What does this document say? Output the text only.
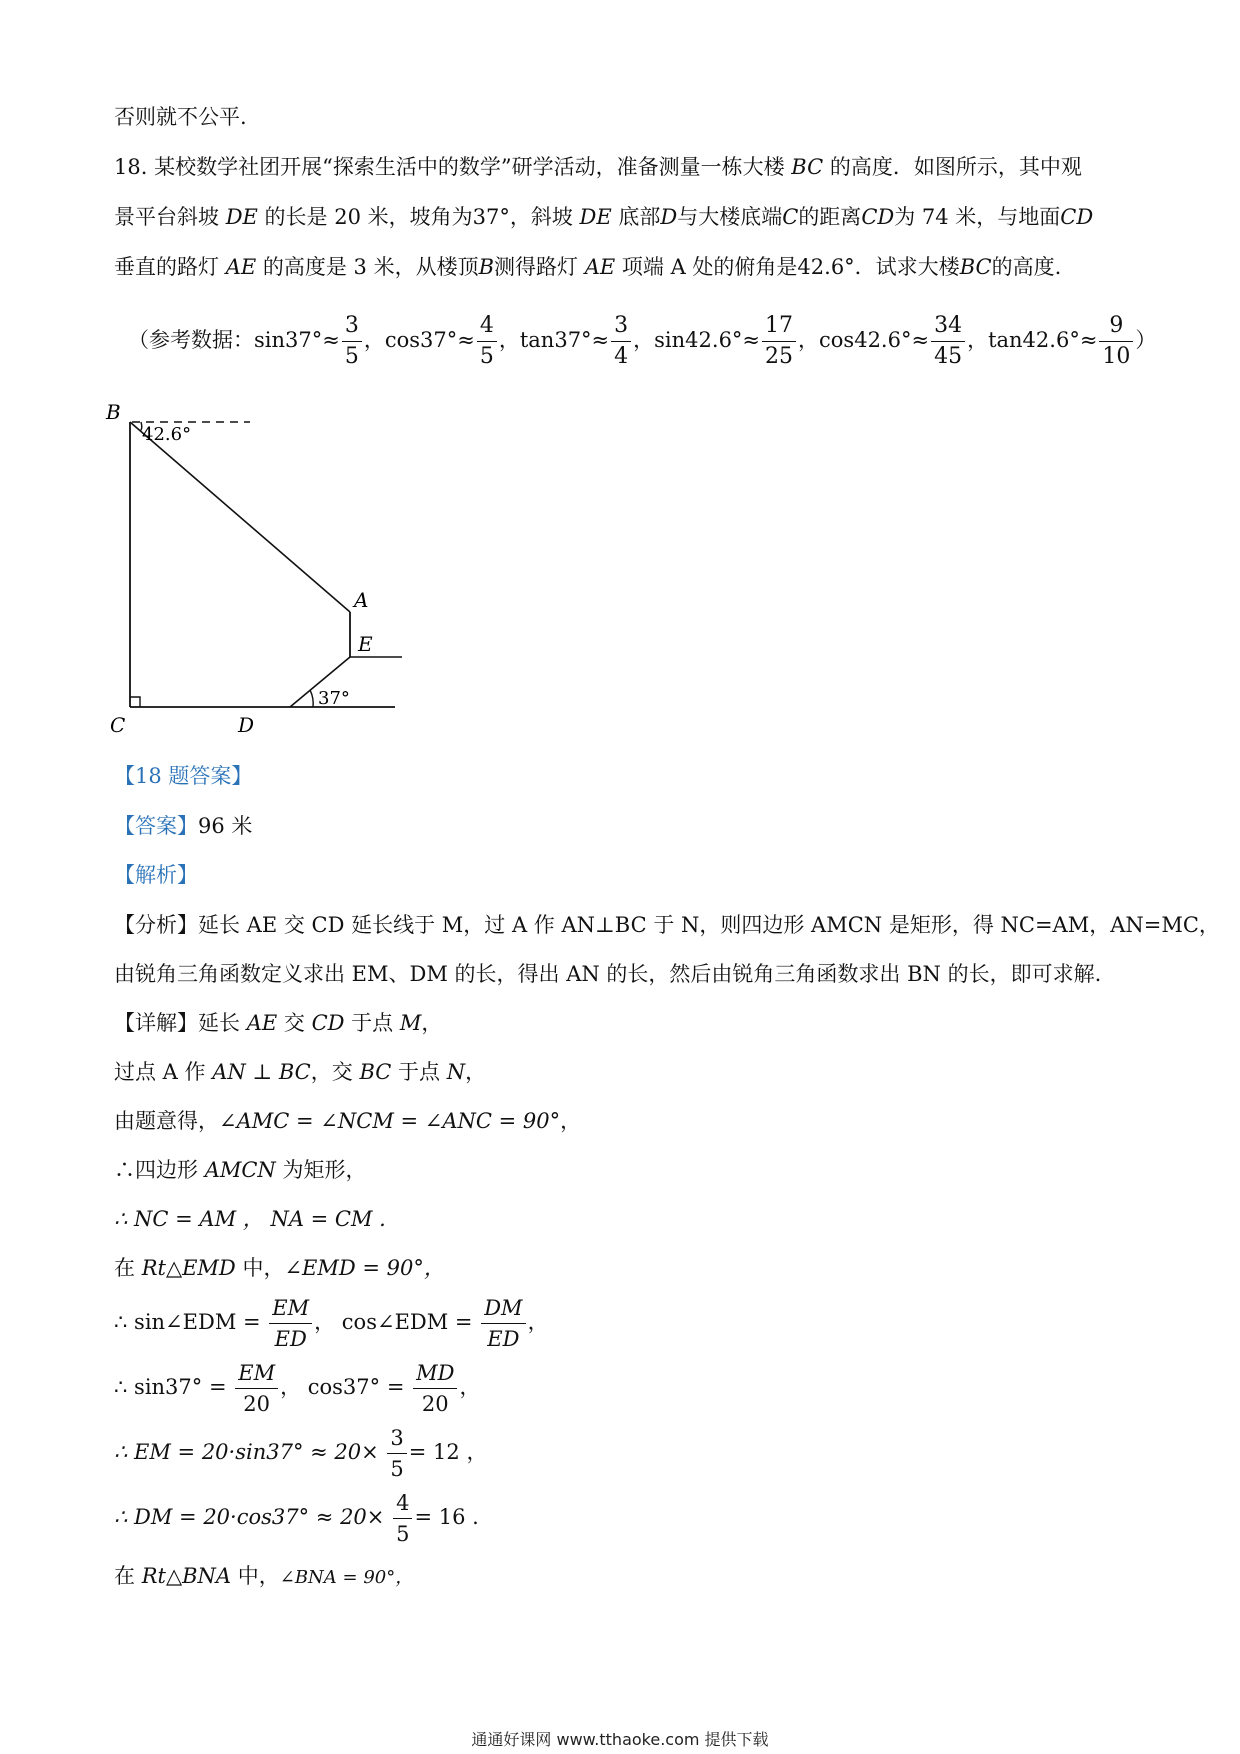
否则就不公平.
18. 某校数学社团开展“探索生活中的数学”研学活动，准备测量一栋大楼 BC 的高度．如图所示，其中观
景平台斜坡 DE 的长是 20 米，坡角为37°，斜坡 DE 底部D与大楼底端C的距离CD为 74 米，与地面CD
垂直的路灯 AE 的高度是 3 米，从楼顶B测得路灯 AE 项端 A 处的俯角是42.6°．试求大楼BC的高度.
（参考数据：$\sin 37^\circ\approx \frac{3}{5}$ ，$\cos 37^\circ\approx \frac{4}{5}$ ，$\tan 37^\circ\approx \frac{3}{4}$ ，$\sin 42.6^\circ\approx \frac{17}{25}$ ，$\cos 42.6^\circ\approx \frac{34}{45}$ ，$\tan 42.6^\circ\approx \frac{9}{10}$ ）
B
A
E
C	D
42.6°
37°
【18 题答案】
【答案】96 米
【解析】
【分析】延长 AE 交 CD 延长线于 M，过 A 作 AN⊥BC 于 N，则四边形 AMCN 是矩形，得 NC=AM，AN=MC，
由锐角三角函数定义求出 EM、DM 的长，得出 AN 的长，然后由锐角三角函数求出 BN 的长，即可求解.
【详解】延长 AE 交 CD 于点 M，
过点 A 作 AN ⊥ BC，交 BC 于点 N，
由题意得，∠AMC = ∠NCM = ∠ANC = 90°，
∴四边形 AMCN 为矩形，
∴ NC = AM ， NA = CM .
在 Rt△EMD 中，∠EMD = 90°，
∴ sin∠EDM = $\frac{EM}{ED}$ ， cos∠EDM = $\frac{DM}{ED}$ ，
∴ $\sin 37^\circ = \frac{EM}{20}$ ， $\cos 37^\circ = \frac{MD}{20}$ ，
∴ EM = $20\cdot\sin 37^\circ \approx 20\times \frac{3}{5} = 12$ ，
∴ DM = $20\cdot\cos 37^\circ \approx 20\times \frac{4}{5} = 16$ .
在 Rt△BNA 中，∠BNA = 90°，
通通好课网 www.tthaoke.com 提供下载
